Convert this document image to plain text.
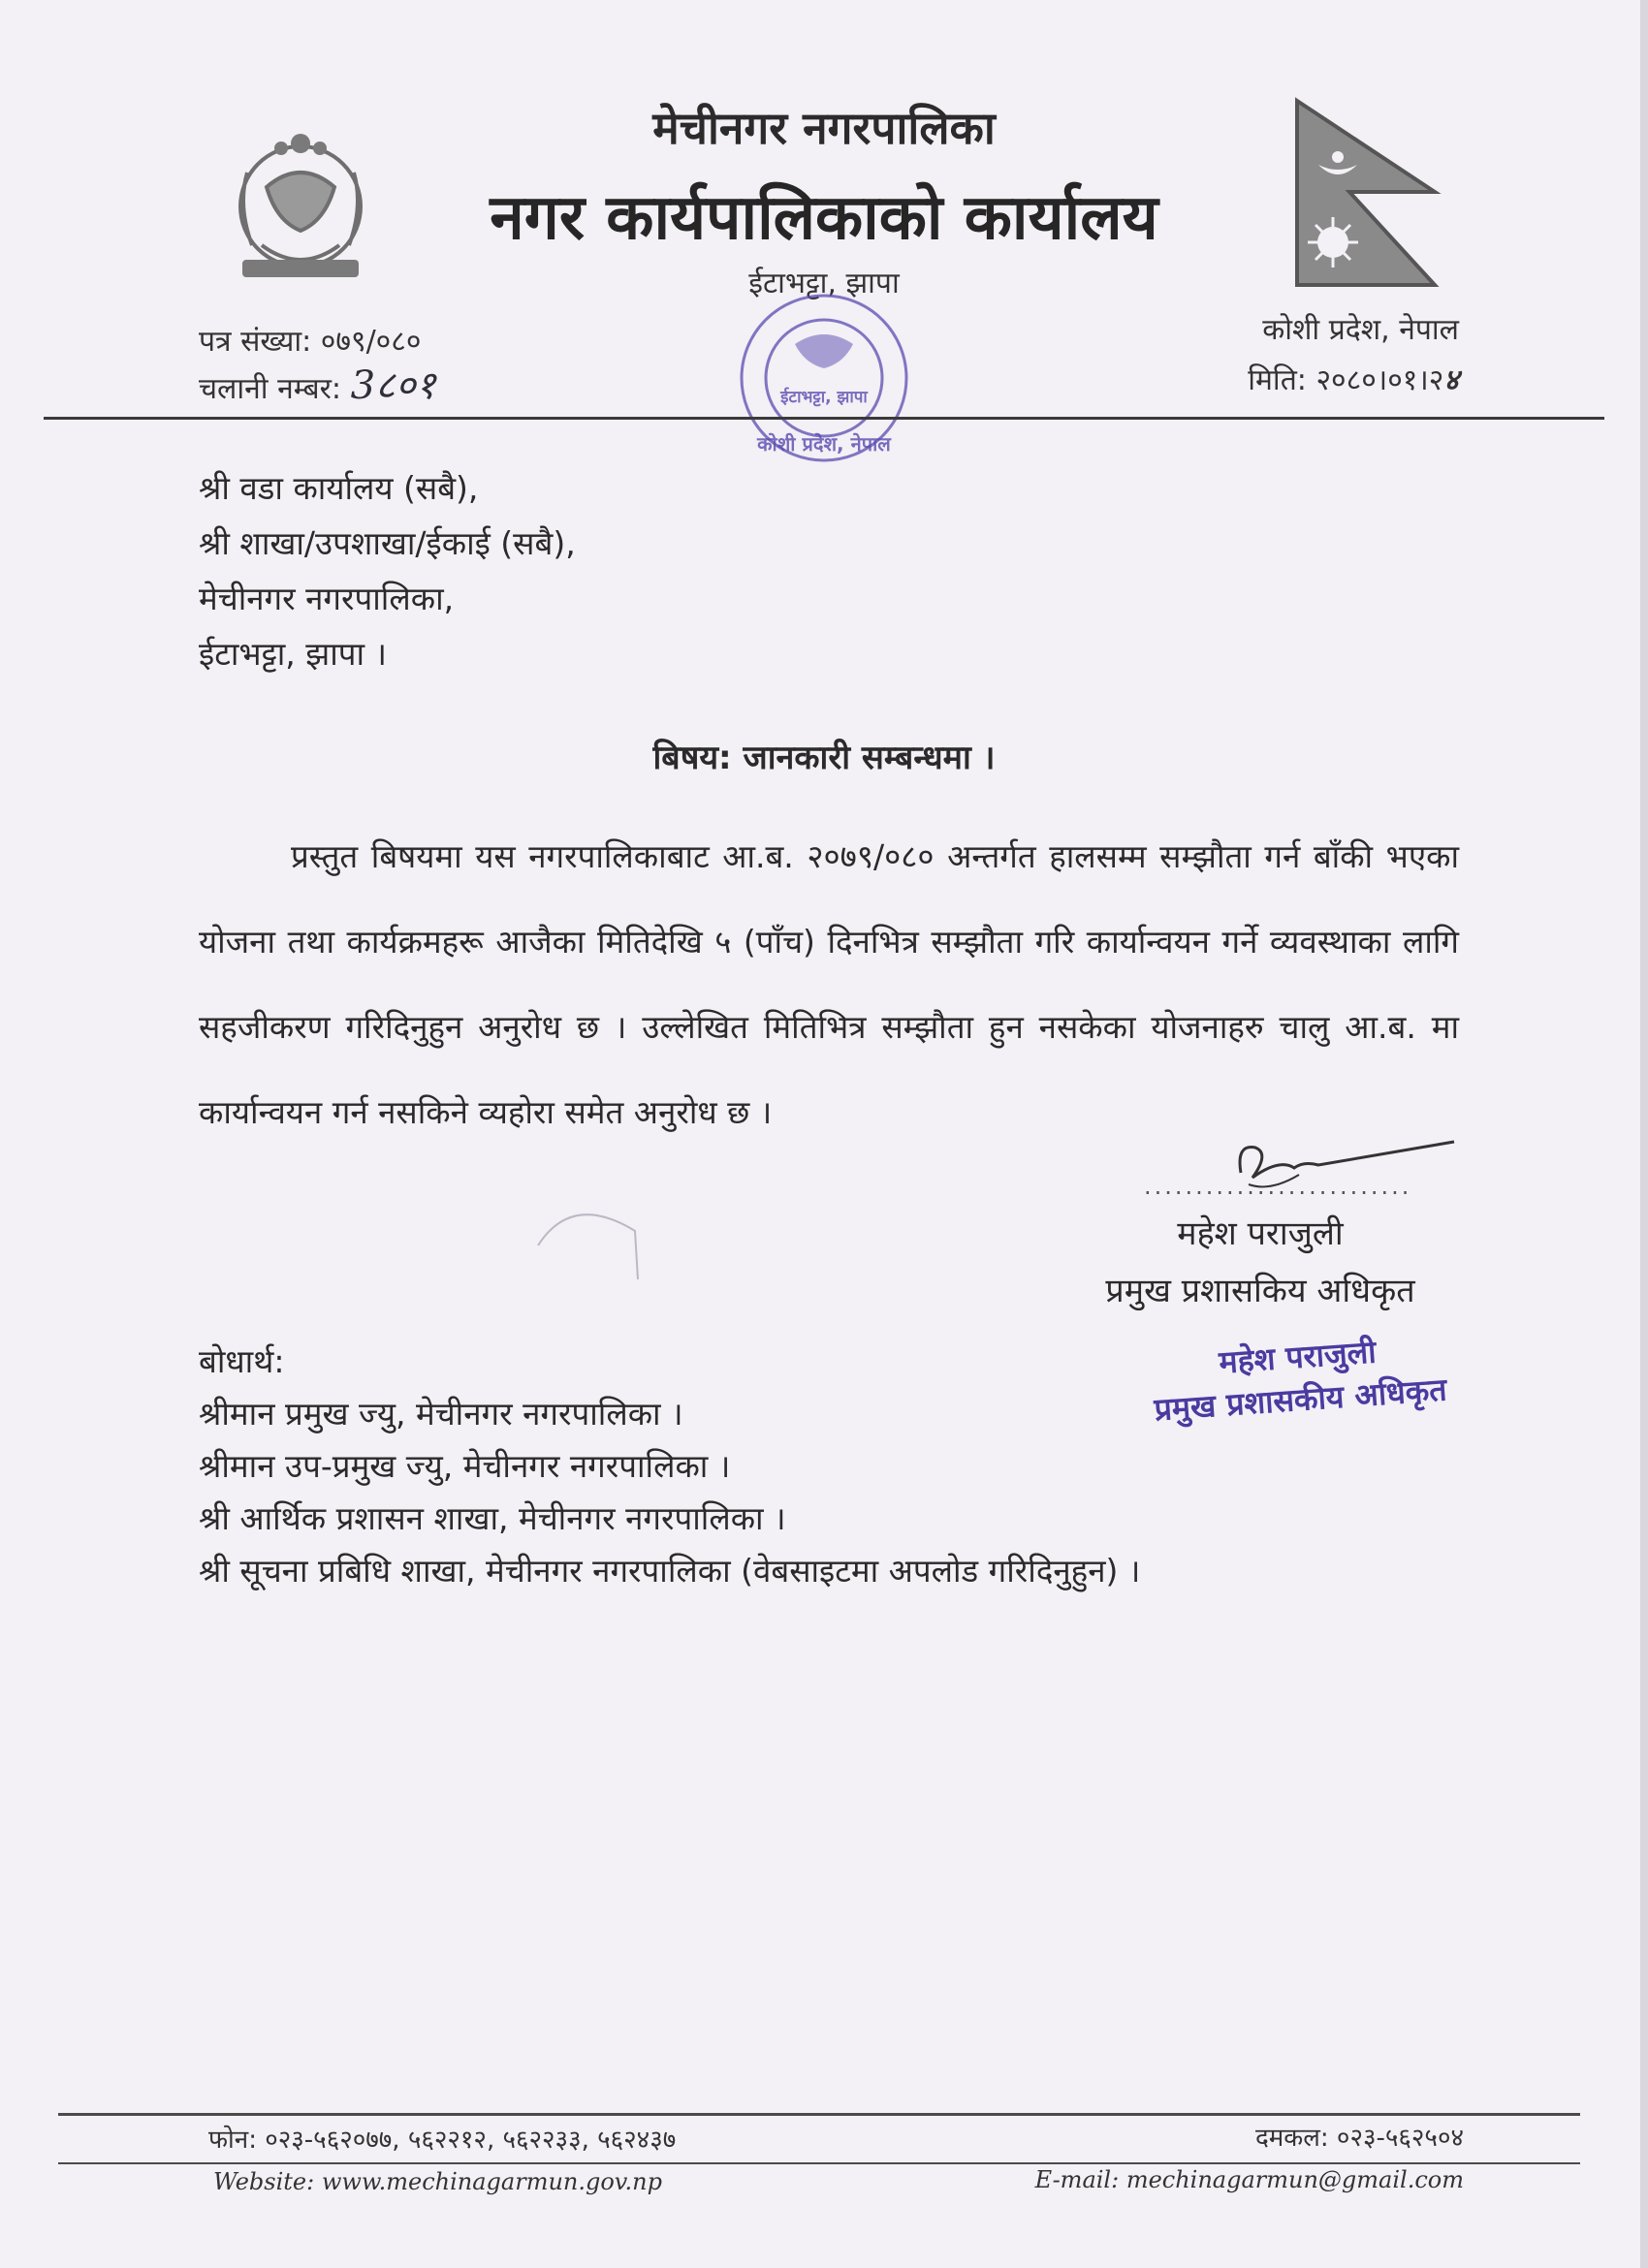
मेचीनगर नगरपालिका
नगर कार्यपालिकाको कार्यालय
ईटाभट्टा, झापा
पत्र संख्या: ०७९/०८०
चलानी नम्बर: 3८०१
कोशी प्रदेश, नेपाल
मिति: २०८०।०१।२४
ईटाभट्टा, झापा
कोशी प्रदेश, नेपाल
श्री वडा कार्यालय (सबै),
श्री शाखा/उपशाखा/ईकाई (सबै),
मेचीनगर नगरपालिका,
ईटाभट्टा, झापा ।
बिषय: जानकारी सम्बन्धमा ।
प्रस्तुत बिषयमा यस नगरपालिकाबाट आ.ब. २०७९/०८० अन्तर्गत हालसम्म सम्झौता गर्न बाँकी भएका योजना तथा कार्यक्रमहरू आजैका मितिदेखि ५ (पाँच) दिनभित्र सम्झौता गरि कार्यान्वयन गर्ने व्यवस्थाका लागि सहजीकरण गरिदिनुहुन अनुरोध छ । उल्लेखित मितिभित्र सम्झौता हुन नसकेका योजनाहरु चालु आ.ब. मा कार्यान्वयन गर्न नसकिने व्यहोरा समेत अनुरोध छ ।
..........................
महेश पराजुली
प्रमुख प्रशासकिय अधिकृत
महेश पराजुली
प्रमुख प्रशासकीय अधिकृत
बोधार्थ:
श्रीमान प्रमुख ज्यु, मेचीनगर नगरपालिका ।
श्रीमान उप-प्रमुख ज्यु, मेचीनगर नगरपालिका ।
श्री आर्थिक प्रशासन शाखा, मेचीनगर नगरपालिका ।
श्री सूचना प्रबिधि शाखा, मेचीनगर नगरपालिका (वेबसाइटमा अपलोड गरिदिनुहुन) ।
फोन: ०२३-५६२०७७, ५६२२१२, ५६२२३३, ५६२४३७	दमकल: ०२३-५६२५०४
Website: www.mechinagarmun.gov.np	E-mail: mechinagarmun@gmail.com
